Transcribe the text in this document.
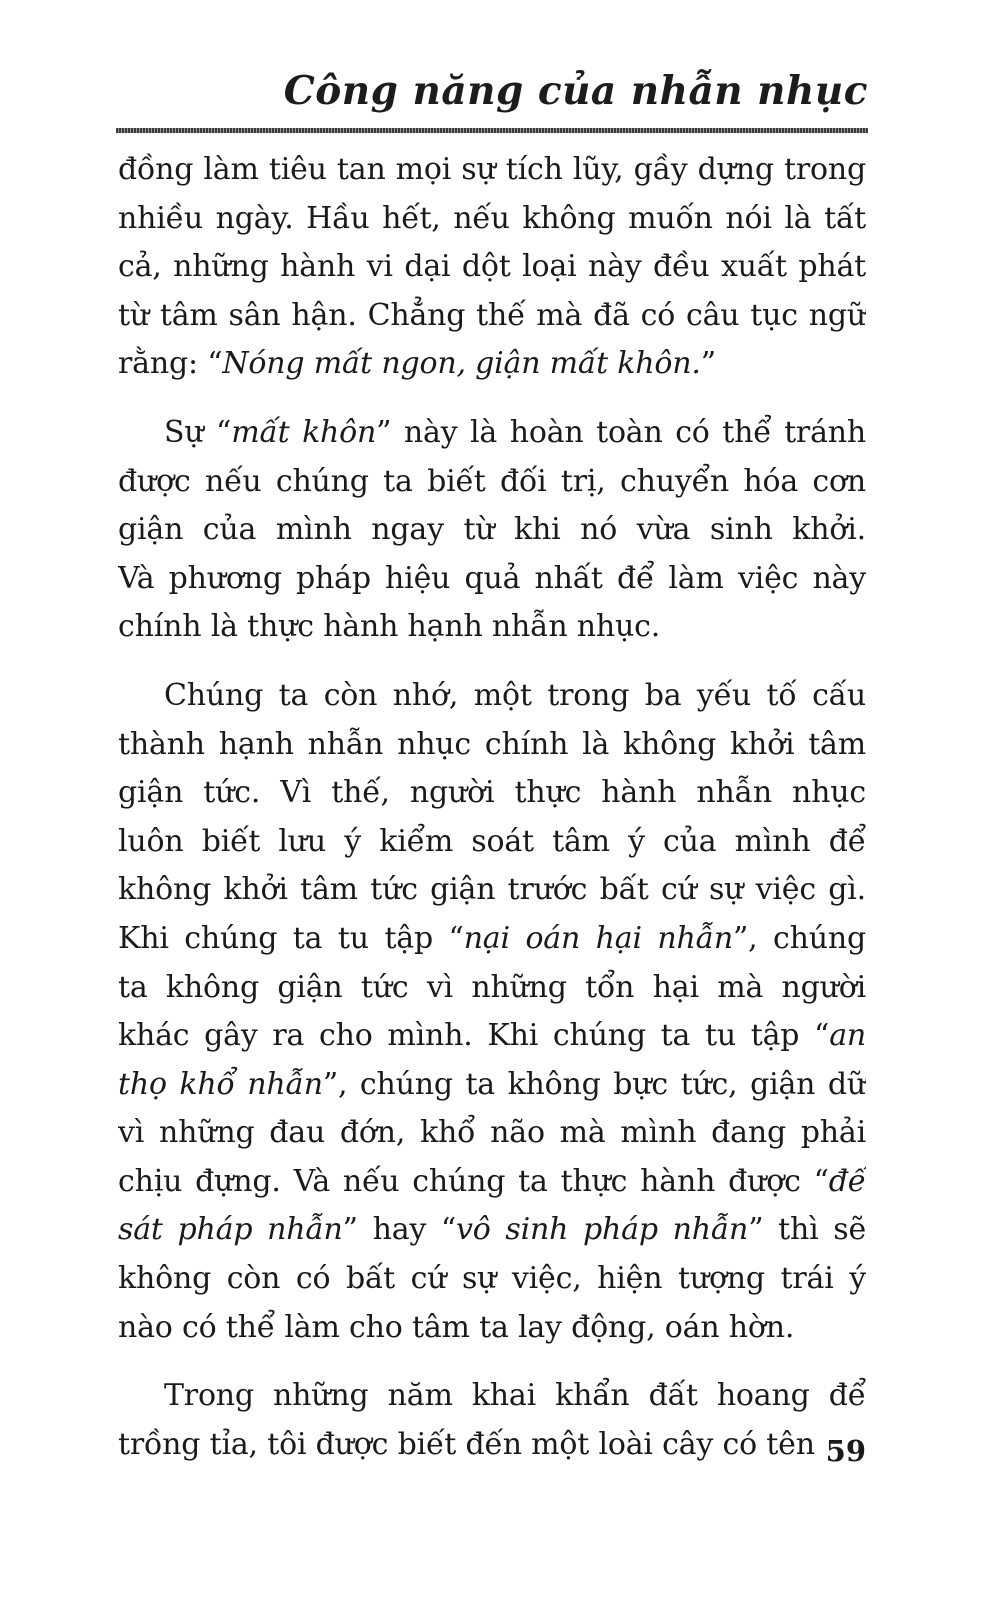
Công năng của nhẫn nhục
đồng làm tiêu tan mọi sự tích lũy, gầy dựng trong
nhiều ngày. Hầu hết, nếu không muốn nói là tất
cả, những hành vi dại dột loại này đều xuất phát
từ tâm sân hận. Chẳng thế mà đã có câu tục ngữ
rằng: “Nóng mất ngon, giận mất khôn.”
Sự “mất khôn” này là hoàn toàn có thể tránh
được nếu chúng ta biết đối trị, chuyển hóa cơn
giận của mình ngay từ khi nó vừa sinh khởi.
Và phương pháp hiệu quả nhất để làm việc này
chính là thực hành hạnh nhẫn nhục.
Chúng ta còn nhớ, một trong ba yếu tố cấu
thành hạnh nhẫn nhục chính là không khởi tâm
giận tức. Vì thế, người thực hành nhẫn nhục
luôn biết lưu ý kiểm soát tâm ý của mình để
không khởi tâm tức giận trước bất cứ sự việc gì.
Khi chúng ta tu tập “nại oán hại nhẫn”, chúng
ta không giận tức vì những tổn hại mà người
khác gây ra cho mình. Khi chúng ta tu tập “an
thọ khổ nhẫn”, chúng ta không bực tức, giận dữ
vì những đau đớn, khổ não mà mình đang phải
chịu đựng. Và nếu chúng ta thực hành được “đế
sát pháp nhẫn” hay “vô sinh pháp nhẫn” thì sẽ
không còn có bất cứ sự việc, hiện tượng trái ý
nào có thể làm cho tâm ta lay động, oán hờn.
Trong những năm khai khẩn đất hoang để
trồng tỉa, tôi được biết đến một loài cây có tên 59
